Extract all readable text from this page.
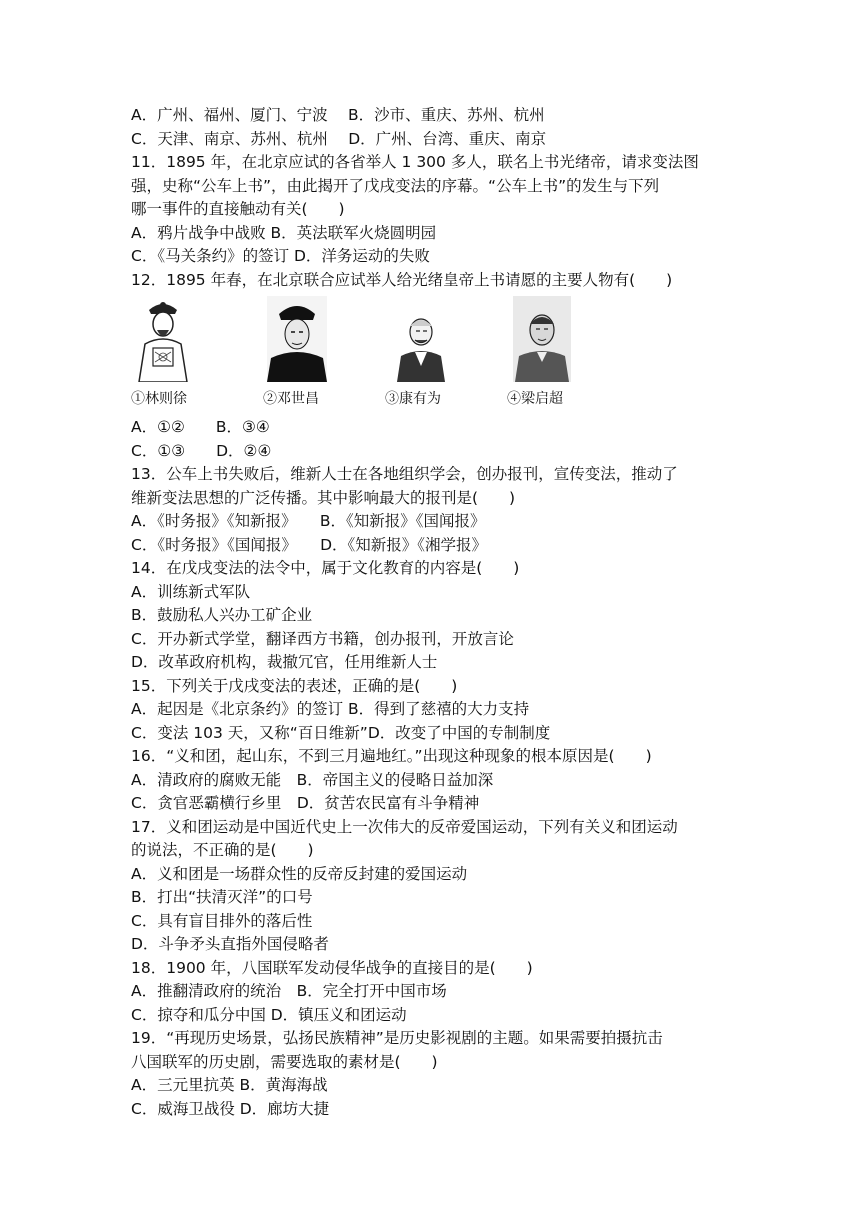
A．广州、福州、厦门、宁波　 B．沙市、重庆、苏州、杭州
C．天津、南京、苏州、杭州　 D．广州、台湾、重庆、南京
11．1895 年，在北京应试的各省举人 1 300 多人，联名上书光绪帝，请求变法图
强，史称“公车上书”，由此揭开了戊戌变法的序幕。“公车上书”的发生与下列
哪一事件的直接触动有关(　　)
A．鸦片战争中战败 B．英法联军火烧圆明园
C．《马关条约》的签订 D．洋务运动的失败
12．1895 年春，在北京联合应试举人给光绪皇帝上书请愿的主要人物有(　　)
①林则徐	②邓世昌	③康有为	④梁启超
A．①②　　B．③④
C．①③　　D．②④
13．公车上书失败后，维新人士在各地组织学会，创办报刊，宣传变法，推动了
维新变法思想的广泛传播。其中影响最大的报刊是(　　)
A．《时务报》《知新报》　　B．《知新报》《国闻报》
C．《时务报》《国闻报》　　D．《知新报》《湘学报》
14．在戊戌变法的法令中，属于文化教育的内容是(　　)
A．训练新式军队
B．鼓励私人兴办工矿企业
C．开办新式学堂，翻译西方书籍，创办报刊，开放言论
D．改革政府机构，裁撤冗官，任用维新人士
15．下列关于戊戌变法的表述，正确的是(　　)
A．起因是《北京条约》的签订 B．得到了慈禧的大力支持
C．变法 103 天，又称“百日维新”D．改变了中国的专制制度
16．“义和团，起山东，不到三月遍地红。”出现这种现象的根本原因是(　　)
A．清政府的腐败无能　B．帝国主义的侵略日益加深
C．贪官恶霸横行乡里　D．贫苦农民富有斗争精神
17．义和团运动是中国近代史上一次伟大的反帝爱国运动，下列有关义和团运动
的说法，不正确的是(　　)
A．义和团是一场群众性的反帝反封建的爱国运动
B．打出“扶清灭洋”的口号
C．具有盲目排外的落后性
D．斗争矛头直指外国侵略者
18．1900 年，八国联军发动侵华战争的直接目的是(　　)
A．推翻清政府的统治　B．完全打开中国市场
C．掠夺和瓜分中国 D．镇压义和团运动
19．“再现历史场景，弘扬民族精神”是历史影视剧的主题。如果需要拍摄抗击
八国联军的历史剧，需要选取的素材是(　　)
A．三元里抗英 B．黄海海战
C．威海卫战役 D．廊坊大捷
